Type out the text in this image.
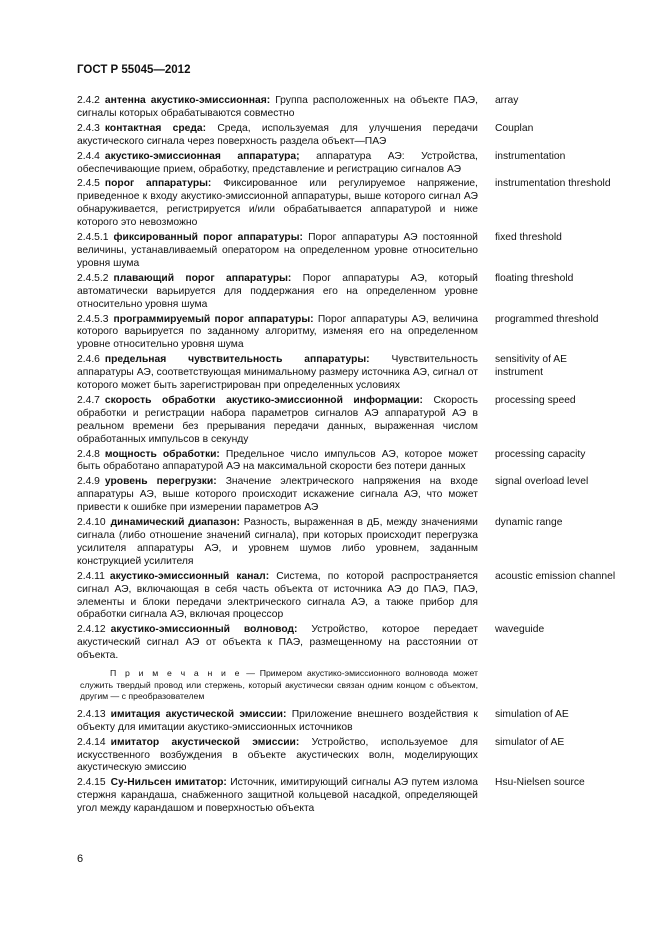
ГОСТ Р 55045—2012
2.4.2 антенна акустико-эмиссионная: Группа расположенных на объекте ПАЭ, сигналы которых обрабатываются совместно
array
2.4.3 контактная среда: Среда, используемая для улучшения передачи акустического сигнала через поверхность раздела объект—ПАЭ
Couplan
2.4.4 акустико-эмиссионная аппаратура; аппаратура АЭ: Устройства, обеспечивающие прием, обработку, представление и регистрацию сигналов АЭ
instrumentation
2.4.5 порог аппаратуры: Фиксированное или регулируемое напряжение, приведенное к входу акустико-эмиссионной аппаратуры, выше которого сигнал АЭ обнаруживается, регистрируется и/или обрабатывается аппаратурой и ниже которого это невозможно
instrumentation threshold
2.4.5.1 фиксированный порог аппаратуры: Порог аппаратуры АЭ постоянной величины, устанавливаемый оператором на определенном уровне относительно уровня шума
fixed threshold
2.4.5.2 плавающий порог аппаратуры: Порог аппаратуры АЭ, который автоматически варьируется для поддержания его на определенном уровне относительно уровня шума
floating threshold
2.4.5.3 программируемый порог аппаратуры: Порог аппаратуры АЭ, величина которого варьируется по заданному алгоритму, изменяя его на определенном уровне относительно уровня шума
programmed threshold
2.4.6 предельная чувствительность аппаратуры: Чувствительность аппаратуры АЭ, соответствующая минимальному размеру источника АЭ, сигнал от которого может быть зарегистрирован при определенных условиях
sensitivity of AE instrument
2.4.7 скорость обработки акустико-эмиссионной информации: Скорость обработки и регистрации набора параметров сигналов АЭ аппаратурой АЭ в реальном времени без прерывания передачи данных, выраженная числом обработанных импульсов в секунду
processing speed
2.4.8 мощность обработки: Предельное число импульсов АЭ, которое может быть обработано аппаратурой АЭ на максимальной скорости без потери данных
processing capacity
2.4.9 уровень перегрузки: Значение электрического напряжения на входе аппаратуры АЭ, выше которого происходит искажение сигнала АЭ, что может привести к ошибке при измерении параметров АЭ
signal overload level
2.4.10 динамический диапазон: Разность, выраженная в дБ, между значениями сигнала (либо отношение значений сигнала), при которых происходит перегрузка усилителя аппаратуры АЭ, и уровнем шумов либо уровнем, заданным конструкцией усилителя
dynamic range
2.4.11 акустико-эмиссионный канал: Система, по которой распространяется сигнал АЭ, включающая в себя часть объекта от источника АЭ до ПАЭ, ПАЭ, элементы и блоки передачи электрического сигнала АЭ, а также прибор для обработки сигнала АЭ, включая процессор
acoustic emission channel
2.4.12 акустико-эмиссионный волновод: Устройство, которое передает акустический сигнал АЭ от объекта к ПАЭ, размещенному на расстоянии от объекта.
waveguide
П р и м е ч а н и е — Примером акустико-эмиссионного волновода может служить твердый провод или стержень, который акустически связан одним концом с объектом, другим — с преобразователем
2.4.13 имитация акустической эмиссии: Приложение внешнего воздействия к объекту для имитации акустико-эмиссионных источников
simulation of AE
2.4.14 имитатор акустической эмиссии: Устройство, используемое для искусственного возбуждения в объекте акустических волн, моделирующих акустическую эмиссию
simulator of AE
2.4.15 Су-Нильсен имитатор: Источник, имитирующий сигналы АЭ путем излома стержня карандаша, снабженного защитной кольцевой насадкой, определяющей угол между карандашом и поверхностью объекта
Hsu-Nielsen source
6
